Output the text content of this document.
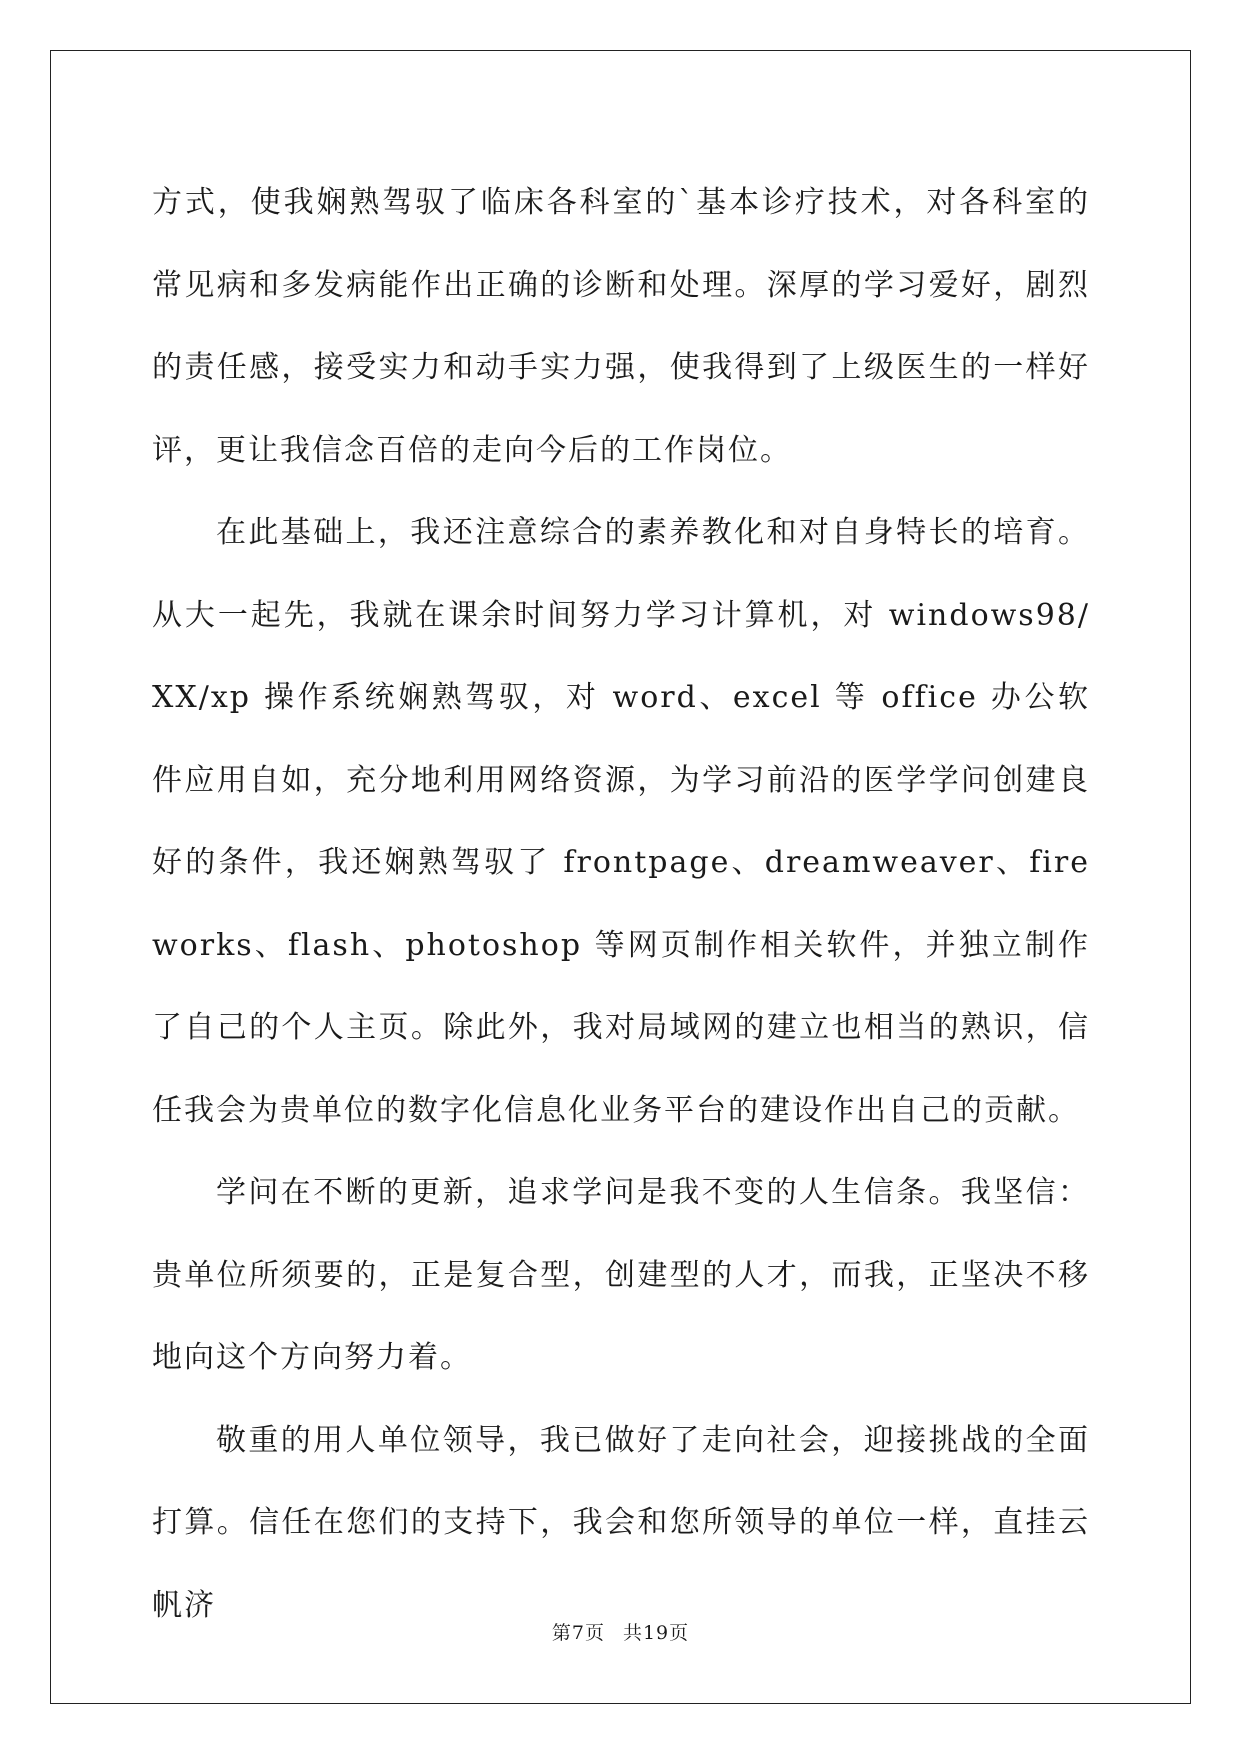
方式，使我娴熟驾驭了临床各科室的`基本诊疗技术，对各科室的常见病和多发病能作出正确的诊断和处理。深厚的学习爱好，剧烈的责任感，接受实力和动手实力强，使我得到了上级医生的一样好评，更让我信念百倍的走向今后的工作岗位。

在此基础上，我还注意综合的素养教化和对自身特长的培育。从大一起先，我就在课余时间努力学习计算机，对 windows98/XX/xp 操作系统娴熟驾驭，对 word、excel 等 office 办公软件应用自如，充分地利用网络资源，为学习前沿的医学学问创建良好的条件，我还娴熟驾驭了 frontpage、dreamweaver、fireworks、flash、photoshop 等网页制作相关软件，并独立制作了自己的个人主页。除此外，我对局域网的建立也相当的熟识，信任我会为贵单位的数字化信息化业务平台的建设作出自己的贡献。

学问在不断的更新，追求学问是我不变的人生信条。我坚信：贵单位所须要的，正是复合型，创建型的人才，而我，正坚决不移地向这个方向努力着。

敬重的用人单位领导，我已做好了走向社会，迎接挑战的全面打算。信任在您们的支持下，我会和您所领导的单位一样，直挂云帆济

第7页 共19页
